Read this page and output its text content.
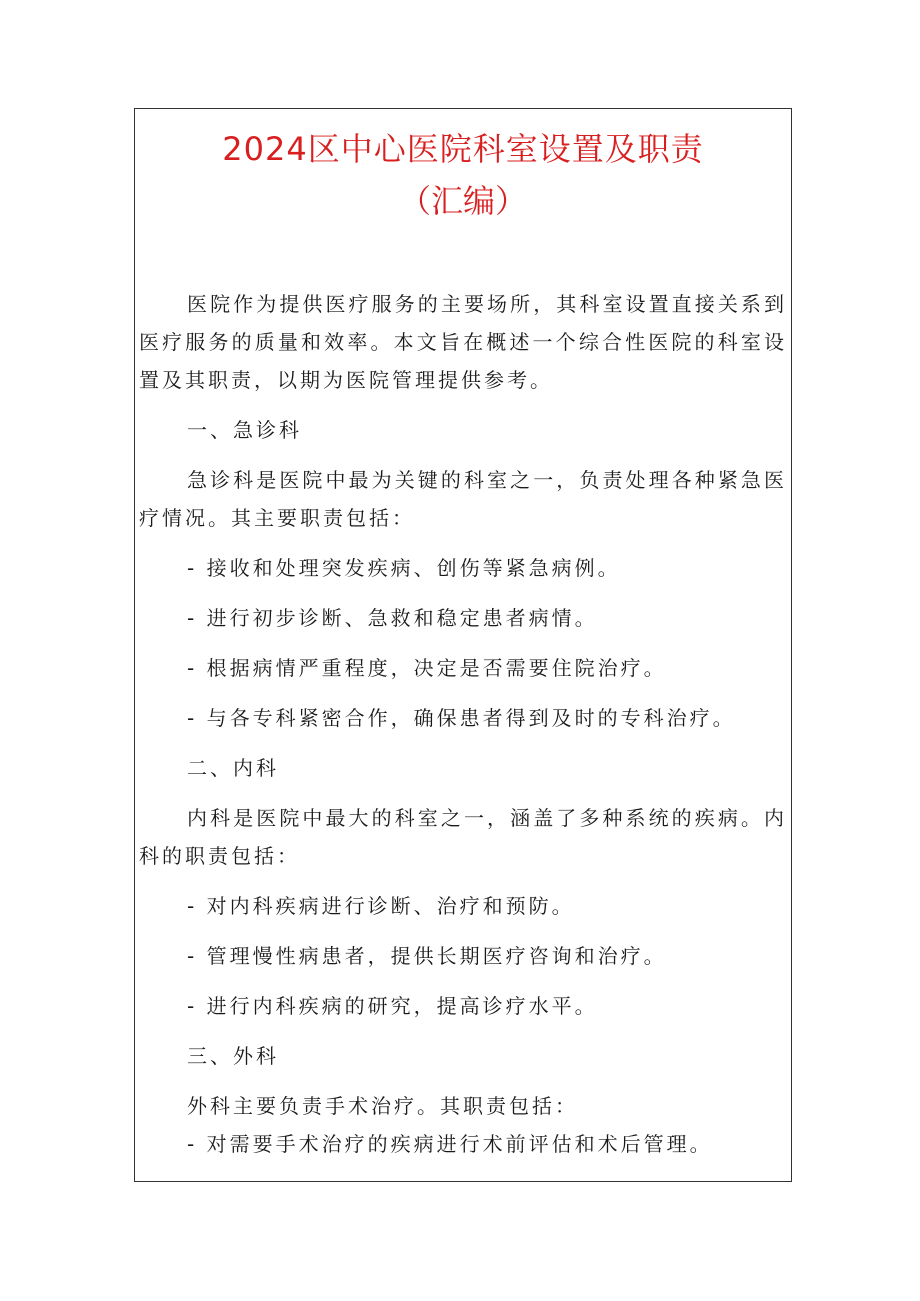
2024区中心医院科室设置及职责
（汇编）

医院作为提供医疗服务的主要场所，其科室设置直接关系到医疗服务的质量和效率。本文旨在概述一个综合性医院的科室设置及其职责，以期为医院管理提供参考。

一、急诊科

急诊科是医院中最为关键的科室之一，负责处理各种紧急医疗情况。其主要职责包括：

- 接收和处理突发疾病、创伤等紧急病例。
- 进行初步诊断、急救和稳定患者病情。
- 根据病情严重程度，决定是否需要住院治疗。
- 与各专科紧密合作，确保患者得到及时的专科治疗。
二、内科

内科是医院中最大的科室之一，涵盖了多种系统的疾病。内科的职责包括：

- 对内科疾病进行诊断、治疗和预防。
- 管理慢性病患者，提供长期医疗咨询和治疗。
- 进行内科疾病的研究，提高诊疗水平。
三、外科

外科主要负责手术治疗。其职责包括：

- 对需要手术治疗的疾病进行术前评估和术后管理。
